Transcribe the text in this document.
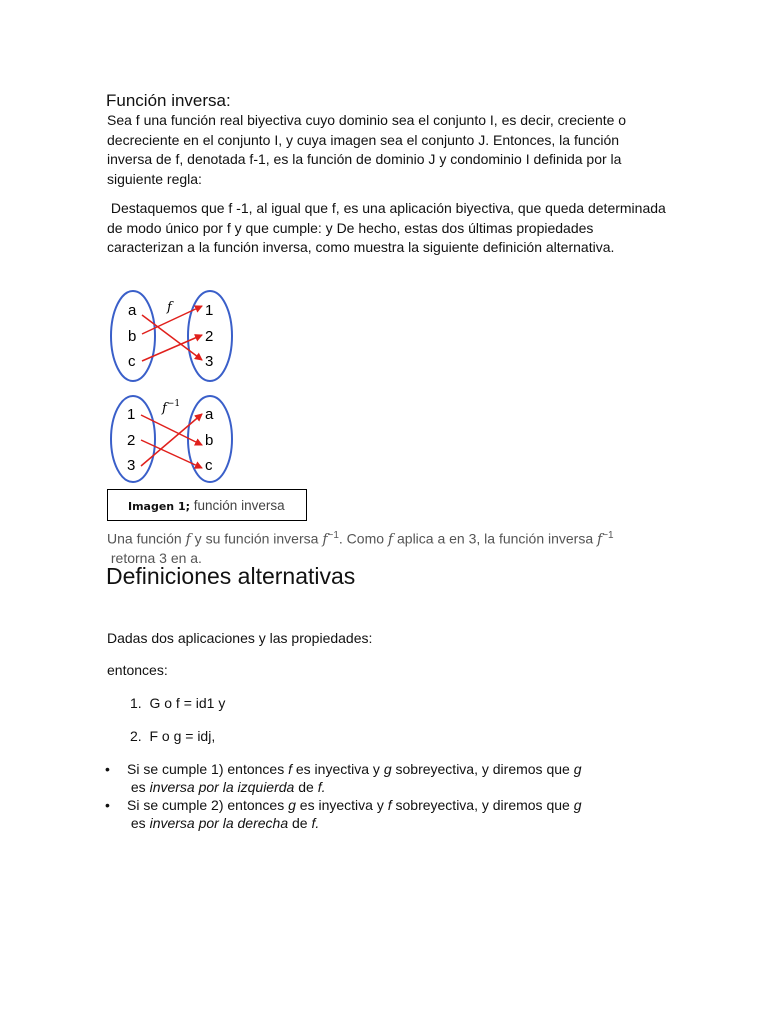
Función inversa:
Sea f una función real biyectiva cuyo dominio sea el conjunto I, es decir, creciente o decreciente en el conjunto I, y cuya imagen sea el conjunto J. Entonces, la función inversa de f, denotada f-1, es la función de dominio J y condominio I definida por la siguiente regla:
Destaquemos que f -1, al igual que f, es una aplicación biyectiva, que queda determinada de modo único por f y que cumple: y De hecho, estas dos últimas propiedades caracterizan a la función inversa, como muestra la siguiente definición alternativa.
f
a
b
c
1
2
3
$f^{-1}$
1
2
3
a
b
c
Imagen 1; función inversa
Una función f y su función inversa $f^{-1}$. Como f aplica a en 3, la función inversa $f^{-1}$ retorna 3 en a.
Definiciones alternativas
Dadas dos aplicaciones y las propiedades:
entonces:
1.  G o f = id1 y
2.  F o g = idj,
• Si se cumple 1) entonces f es inyectiva y g sobreyectiva, y diremos que g es inversa por la izquierda de f.
• Si se cumple 2) entonces g es inyectiva y f sobreyectiva, y diremos que g es inversa por la derecha de f.
